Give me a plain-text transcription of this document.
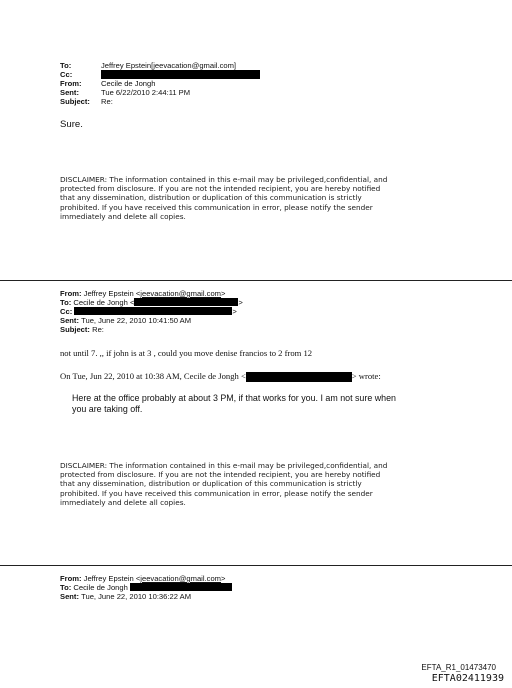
To:	Jeffrey Epstein[jeevacation@gmail.com]
Cc:
From:	Cecile de Jongh
Sent:	Tue 6/22/2010 2:44:11 PM
Subject:	Re:
Sure.
DISCLAIMER: The information contained in this e-mail may be privileged,confidential, and
protected from disclosure. If you are not the intended recipient, you are hereby notified
that any dissemination, distribution or duplication of this communication is strictly
prohibited. If you have received this communication in error, please notify the sender
immediately and delete all copies.
From:
Jeffrey Epstein < jeevacation@gmail.com >
To:
Cecile de Jongh <	>
Cc:
	>
Sent:
Tue, June 22, 2010 10:41:50 AM
Subject:
Re:
not until 7. ,, if john is at 3 , could you move denise francios to 2 from 12
On Tue, Jun 22, 2010 at 10:38 AM, Cecile de Jongh <	> wrote:
Here at the office probably at about 3 PM, if that works for you. I am not sure when
you are taking off.
DISCLAIMER: The information contained in this e-mail may be privileged,confidential, and
protected from disclosure. If you are not the intended recipient, you are hereby notified
that any dissemination, distribution or duplication of this communication is strictly
prohibited. If you have received this communication in error, please notify the sender
immediately and delete all copies.
From:
Jeffrey Epstein < jeevacation@gmail.com >
To:
Cecile de Jongh

Sent:
Tue, June 22, 2010 10:36:22 AM
EFTA_R1_01473470
EFTA02411939
